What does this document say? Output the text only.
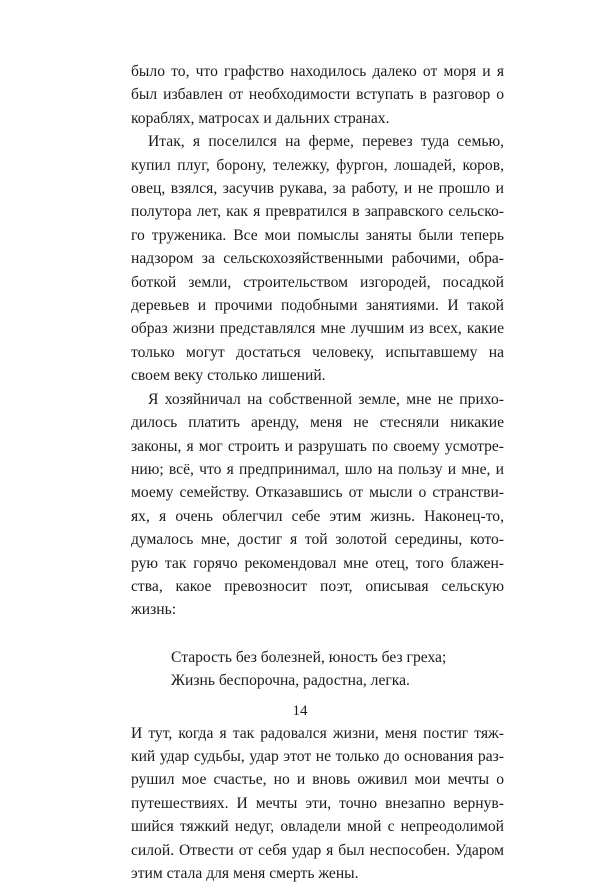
было то, что графство находилось далеко от моря и я
был избавлен от необходимости вступать в разговор о
кораблях, матросах и дальних странах.
Итак, я поселился на ферме, перевез туда семью,
купил плуг, борону, тележку, фургон, лошадей, коров,
овец, взялся, засучив рукава, за работу, и не прошло и
полутора лет, как я превратился в заправского сельско-
го труженика. Все мои помыслы заняты были теперь
надзором за сельскохозяйственными рабочими, обра-
боткой земли, строительством изгородей, посадкой
деревьев и прочими подобными занятиями. И такой
образ жизни представлялся мне лучшим из всех, какие
только могут достаться человеку, испытавшему на
своем веку столько лишений.
Я хозяйничал на собственной земле, мне не прихо-
дилось платить аренду, меня не стесняли никакие
законы, я мог строить и разрушать по своему усмотре-
нию; всё, что я предпринимал, шло на пользу и мне, и
моему семейству. Отказавшись от мысли о странстви-
ях, я очень облегчил себе этим жизнь. Наконец-то,
думалось мне, достиг я той золотой середины, кото-
рую так горячо рекомендовал мне отец, того блажен-
ства, какое превозносит поэт, описывая сельскую
жизнь:
Старость без болезней, юность без греха;
Жизнь беспорочна, радостна, легка.
И тут, когда я так радовался жизни, меня постиг тяж-
кий удар судьбы, удар этот не только до основания раз-
рушил мое счастье, но и вновь оживил мои мечты о
путешествиях. И мечты эти, точно внезапно вернув-
шийся тяжкий недуг, овладели мной с непреодолимой
силой. Отвести от себя удар я был неспособен. Ударом
этим стала для меня смерть жены.
14
